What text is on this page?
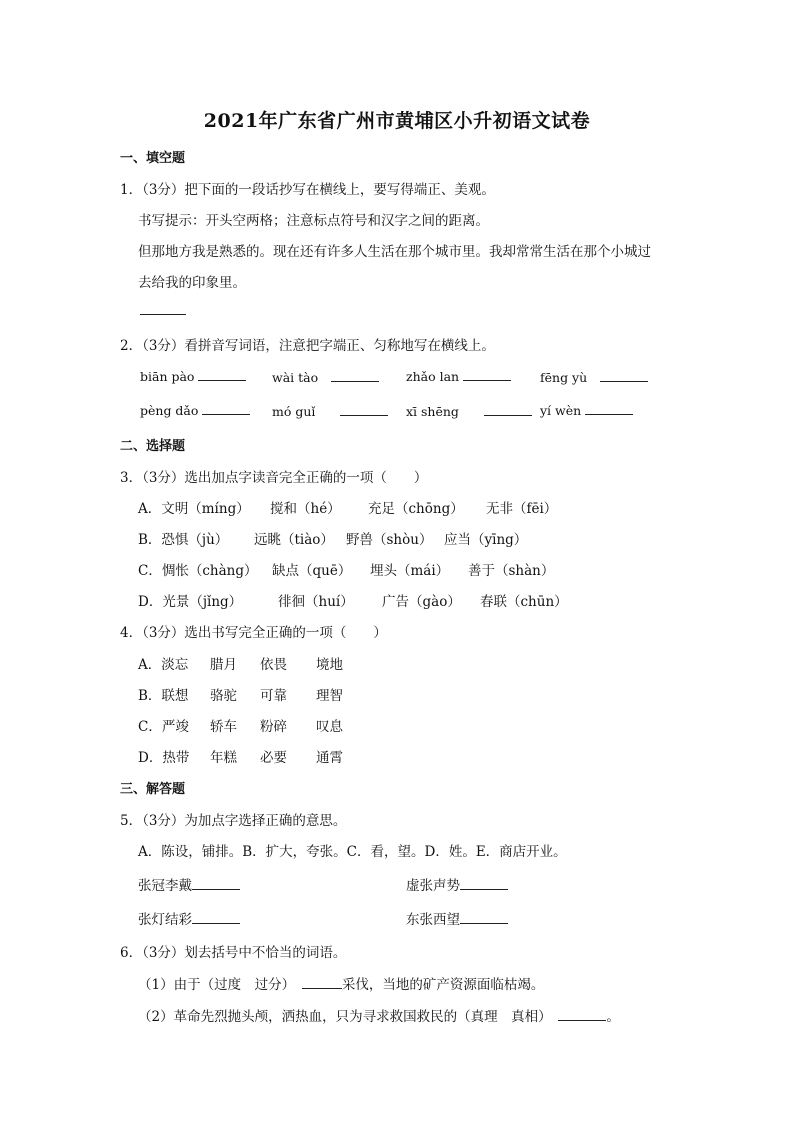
2021年广东省广州市黄埔区小升初语文试卷
一、填空题
1．（3分）把下面的一段话抄写在横线上，要写得端正、美观。
书写提示：开头空两格；注意标点符号和汉字之间的距离。
但那地方我是熟悉的。现在还有许多人生活在那个城市里。我却常常生活在那个小城过
去给我的印象里。
2．（3分）看拼音写词语，注意把字端正、匀称地写在横线上。
biān pào	wài tào　	zhǎo lan	fēng yù　
pèng dǎo	mó guǐ　　	xī shēng　　	yí wèn
二、选择题
3．（3分）选出加点字读音完全正确的一项（　　）
A．文明（míng） 搅和（hé） 充足（chōng） 无非（fēi）
B．恐惧（jù） 远眺（tiào） 野兽（shòu） 应当（yīng）
C．惆怅（chàng） 缺点（quē） 埋头（mái） 善于（shàn）
D．光景（jǐng）	徘徊（huí） 广告（gào） 春联（chūn）
4．（3分）选出书写完全正确的一项（　　）
A．淡忘 腊月 依畏 境地
B．联想 骆驼 可靠 理智
C．严竣 轿车 粉碎 叹息
D．热带 年糕 必要 通霄
三、解答题
5．（3分）为加点字选择正确的意思。
A．陈设，铺排。B．扩大，夸张。C．看，望。D．姓。E．商店开业。
张冠李戴	虚张声势
张灯结彩	东张西望
6．（3分）划去括号中不恰当的词语。
（1）由于（过度　过分）　	采伐，当地的矿产资源面临枯竭。
（2）革命先烈抛头颅，洒热血，只为寻求救国救民的（真理　真相）　	。
